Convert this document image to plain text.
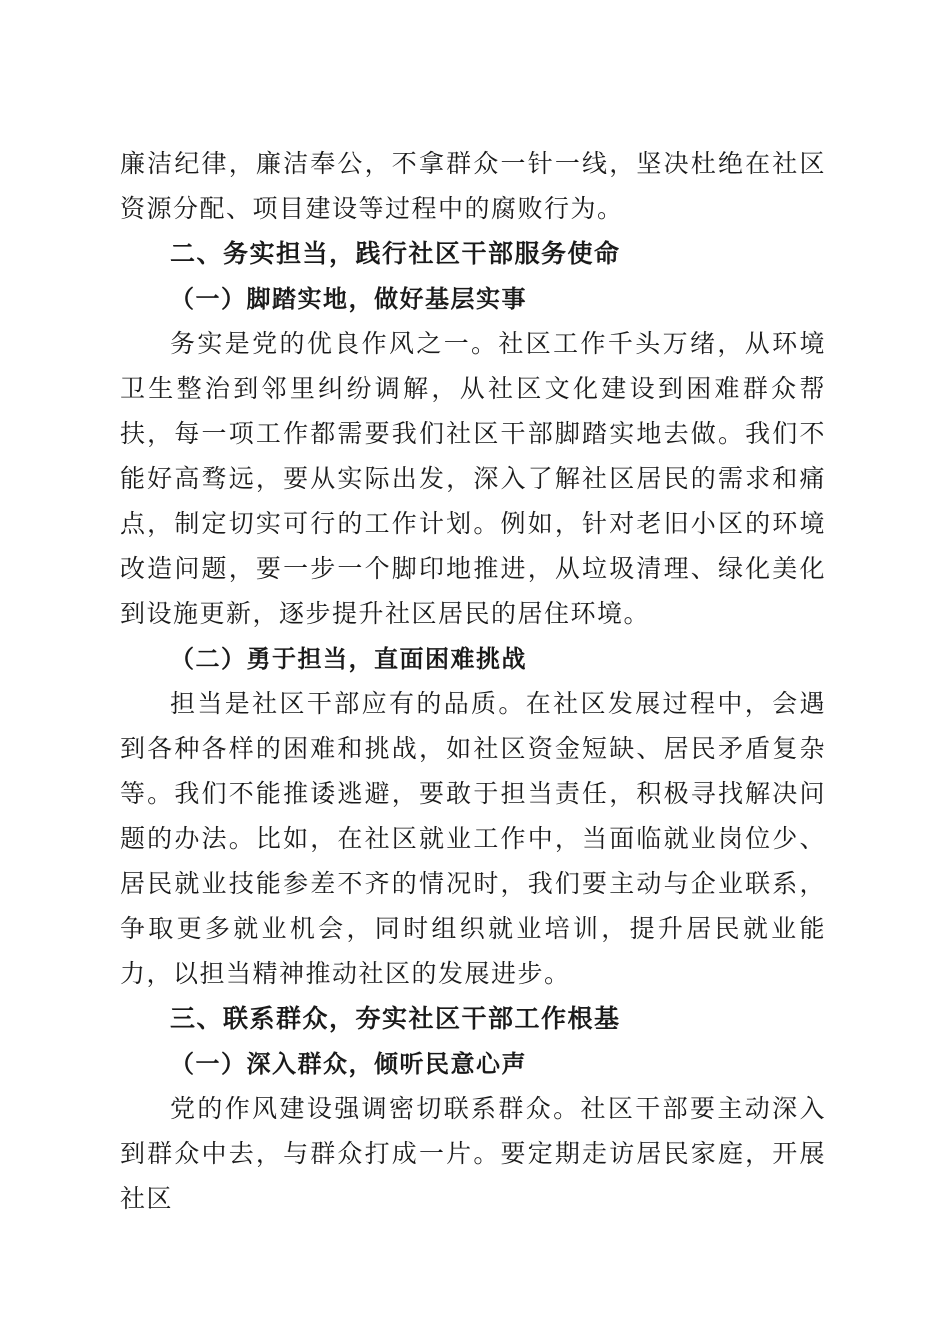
廉洁纪律，廉洁奉公，不拿群众一针一线，坚决杜绝在社区资源分配、项目建设等过程中的腐败行为。

二、务实担当，践行社区干部服务使命

（一）脚踏实地，做好基层实事

务实是党的优良作风之一。社区工作千头万绪，从环境卫生整治到邻里纠纷调解，从社区文化建设到困难群众帮扶，每一项工作都需要我们社区干部脚踏实地去做。我们不能好高骛远，要从实际出发，深入了解社区居民的需求和痛点，制定切实可行的工作计划。例如，针对老旧小区的环境改造问题，要一步一个脚印地推进，从垃圾清理、绿化美化到设施更新，逐步提升社区居民的居住环境。

（二）勇于担当，直面困难挑战

担当是社区干部应有的品质。在社区发展过程中，会遇到各种各样的困难和挑战，如社区资金短缺、居民矛盾复杂等。我们不能推诿逃避，要敢于担当责任，积极寻找解决问题的办法。比如，在社区就业工作中，当面临就业岗位少、居民就业技能参差不齐的情况时，我们要主动与企业联系，争取更多就业机会，同时组织就业培训，提升居民就业能力，以担当精神推动社区的发展进步。

三、联系群众，夯实社区干部工作根基

（一）深入群众，倾听民意心声

党的作风建设强调密切联系群众。社区干部要主动深入到群众中去，与群众打成一片。要定期走访居民家庭，开展社区
